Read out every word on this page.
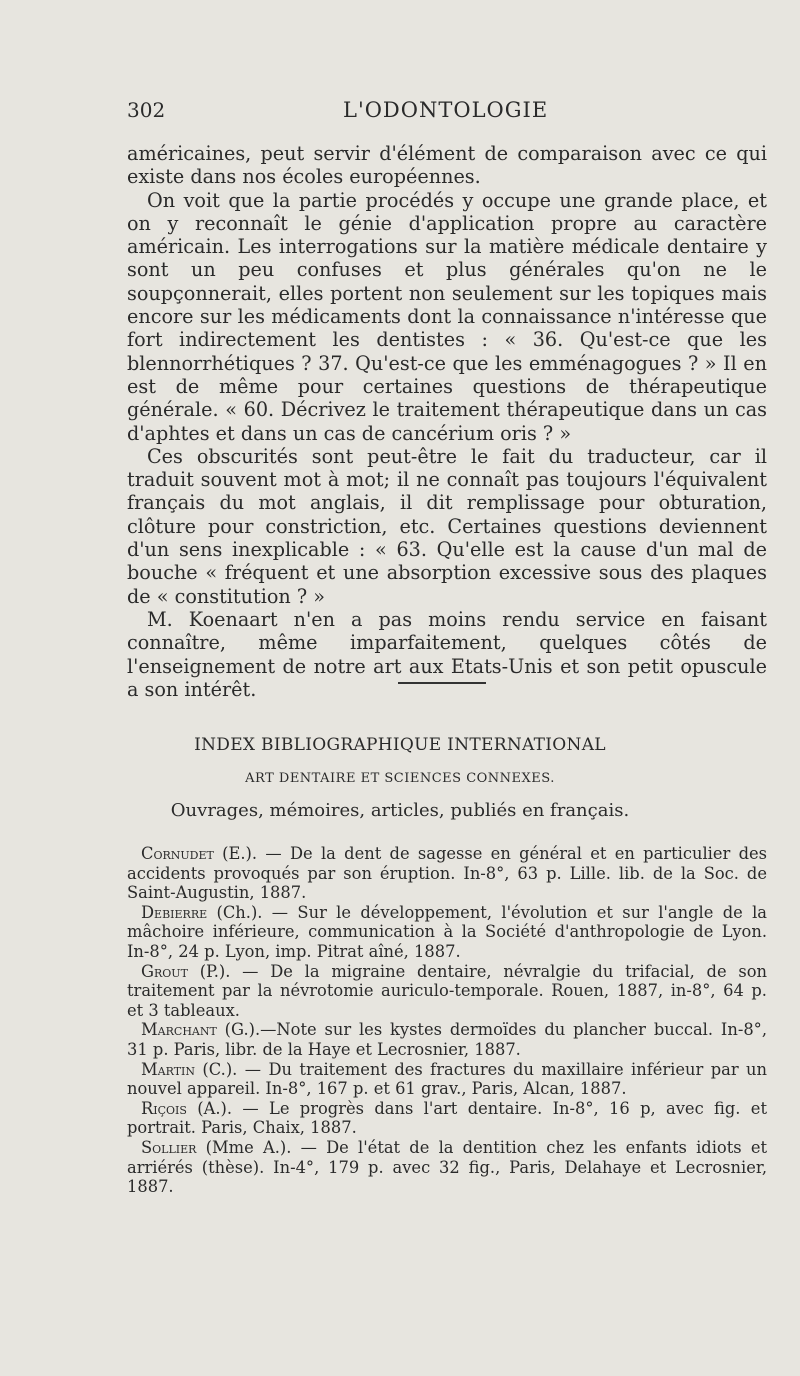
302	L'ODONTOLOGIE

américaines, peut servir d'élément de comparaison avec ce qui existe dans nos écoles européennes.

On voit que la partie procédés y occupe une grande place, et on y reconnaît le génie d'application propre au caractère américain. Les interrogations sur la matière médicale dentaire y sont un peu confuses et plus générales qu'on ne le soupçonnerait, elles portent non seulement sur les topiques mais encore sur les médicaments dont la connaissance n'intéresse que fort indirectement les dentistes : « 36. Qu'est-ce que les blennorrhétiques ? 37. Qu'est-ce que les emménagogues ? » Il en est de même pour certaines questions de thérapeutique générale. « 60. Décrivez le traitement thérapeutique dans un cas d'aphtes et dans un cas de cancérium oris ? »

Ces obscurités sont peut-être le fait du traducteur, car il traduit souvent mot à mot; il ne connaît pas toujours l'équivalent français du mot anglais, il dit remplissage pour obturation, clôture pour constriction, etc. Certaines questions deviennent d'un sens inexplicable : « 63. Qu'elle est la cause d'un mal de bouche « fréquent et une absorption excessive sous des plaques de « constitution ? »

M. Koenaart n'en a pas moins rendu service en faisant connaître, même imparfaitement, quelques côtés de l'enseignement de notre art aux Etats-Unis et son petit opuscule a son intérêt.

INDEX BIBLIOGRAPHIQUE INTERNATIONAL
ART DENTAIRE ET SCIENCES CONNEXES.
Ouvrages, mémoires, articles, publiés en français.

Cornudet (E.). — De la dent de sagesse en général et en particulier des accidents provoqués par son éruption. In-8°, 63 p. Lille. lib. de la Soc. de Saint-Augustin, 1887.

Debierre (Ch.). — Sur le développement, l'évolution et sur l'angle de la mâchoire inférieure, communication à la Société d'anthropologie de Lyon. In-8°, 24 p. Lyon, imp. Pitrat aîné, 1887.

Grout (P.). — De la migraine dentaire, névralgie du trifacial, de son traitement par la névrotomie auriculo-temporale. Rouen, 1887, in-8°, 64 p. et 3 tableaux.

Marchant (G.).—Note sur les kystes dermoïdes du plancher buccal. In-8°, 31 p. Paris, libr. de la Haye et Lecrosnier, 1887.

Martin (C.). — Du traitement des fractures du maxillaire inférieur par un nouvel appareil. In-8°, 167 p. et 61 grav., Paris, Alcan, 1887.

Riçois (A.). — Le progrès dans l'art dentaire. In-8°, 16 p, avec fig. et portrait. Paris, Chaix, 1887.

Sollier (Mme A.). — De l'état de la dentition chez les enfants idiots et arriérés (thèse). In-4°, 179 p. avec 32 fig., Paris, Delahaye et Lecrosnier, 1887.
